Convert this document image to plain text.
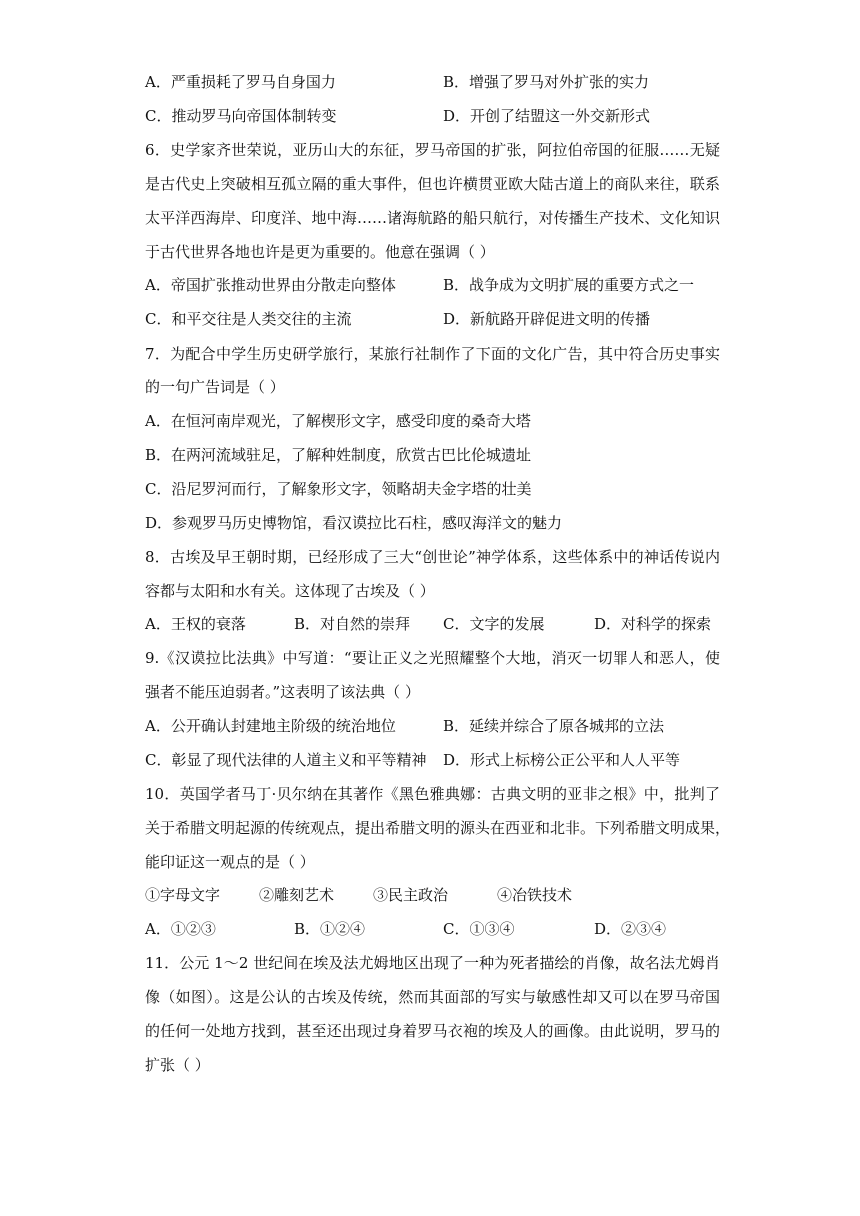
A．严重损耗了罗马自身国力	B．增强了罗马对外扩张的实力
C．推动罗马向帝国体制转变	D．开创了结盟这一外交新形式
6．史学家齐世荣说，亚历山大的东征，罗马帝国的扩张，阿拉伯帝国的征服……无疑
是古代史上突破相互孤立隔的重大事件，但也许横贯亚欧大陆古道上的商队来往，联系
太平洋西海岸、印度洋、地中海……诸海航路的船只航行，对传播生产技术、文化知识
于古代世界各地也许是更为重要的。他意在强调（ ）
A．帝国扩张推动世界由分散走向整体	B．战争成为文明扩展的重要方式之一
C．和平交往是人类交往的主流	D．新航路开辟促进文明的传播
7．为配合中学生历史研学旅行，某旅行社制作了下面的文化广告，其中符合历史事实
的一句广告词是（ ）
A．在恒河南岸观光，了解楔形文字，感受印度的桑奇大塔
B．在两河流域驻足，了解种姓制度，欣赏古巴比伦城遗址
C．沿尼罗河而行，了解象形文字，领略胡夫金字塔的壮美
D．参观罗马历史博物馆，看汉谟拉比石柱，感叹海洋文的魅力
8．古埃及早王朝时期，已经形成了三大“创世论”神学体系，这些体系中的神话传说内
容都与太阳和水有关。这体现了古埃及（ ）
A．王权的衰落	B．对自然的崇拜 C．文字的发展	D．对科学的探索
9.《汉谟拉比法典》中写道：“要让正义之光照耀整个大地，消灭一切罪人和恶人，使
强者不能压迫弱者。”这表明了该法典（ ）
A．公开确认封建地主阶级的统治地位	B．延续并综合了原各城邦的立法
C．彰显了现代法律的人道主义和平等精神 D．形式上标榜公正公平和人人平等
10．英国学者马丁·贝尔纳在其著作《黑色雅典娜：古典文明的亚非之根》中，批判了
关于希腊文明起源的传统观点，提出希腊文明的源头在西亚和北非。下列希腊文明成果，
能印证这一观点的是（ ）
①字母文字	②雕刻艺术	③民主政治	④冶铁技术
A．①②③	B．①②④	C．①③④	D．②③④
11．公元 1～2 世纪间在埃及法尤姆地区出现了一种为死者描绘的肖像，故名法尤姆肖
像（如图）。这是公认的古埃及传统，然而其面部的写实与敏感性却又可以在罗马帝国
的任何一处地方找到，甚至还出现过身着罗马衣袍的埃及人的画像。由此说明，罗马的
扩张（ ）
